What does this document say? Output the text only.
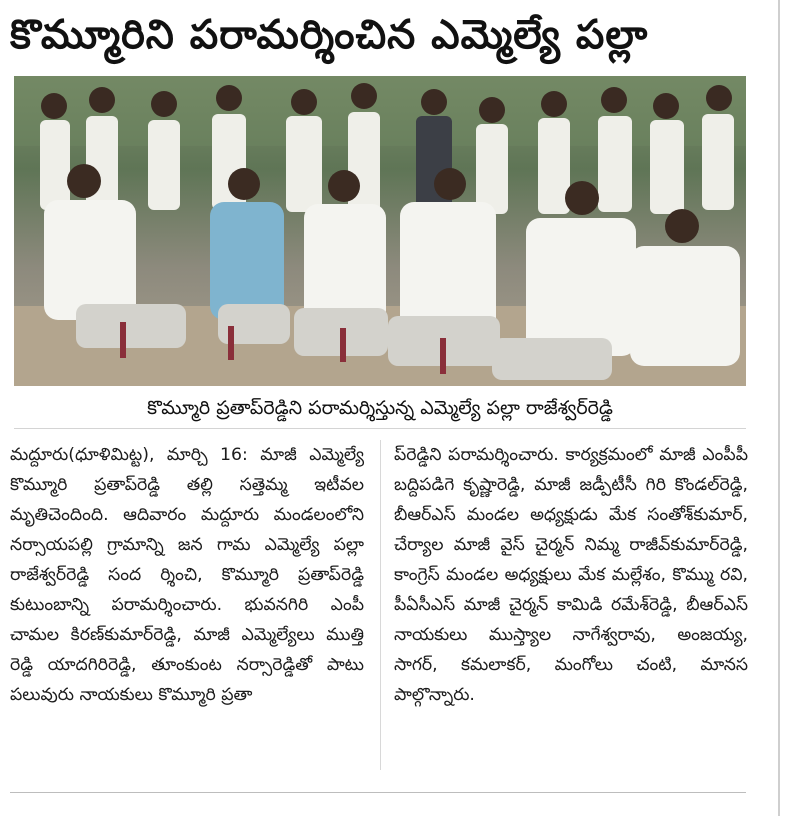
కొమ్మూరిని పరామర్శించిన ఎమ్మెల్యే పల్లా
కొమ్మూరి ప్రతాప్‌రెడ్డిని పరామర్శిస్తున్న ఎమ్మెల్యే పల్లా రాజేశ్వర్‌రెడ్డి
మద్దూరు(ధూళిమిట్ట), మార్చి 16: మాజీ ఎమ్మెల్యే కొమ్మూరి ప్రతాప్‌రెడ్డి తల్లి సత్తెమ్మ ఇటీవల మృతిచెందింది. ఆదివారం మద్దూరు మండలంలోని నర్సాయపల్లి గ్రామాన్ని జన గామ ఎమ్మెల్యే పల్లా రాజేశ్వర్‌రెడ్డి సంద ర్శించి, కొమ్మూరి ప్రతాప్‌రెడ్డి కుటుంబాన్ని పరామర్శించారు. భువనగిరి ఎంపీ చామల కిరణ్‌కుమార్‌రెడ్డి, మాజీ ఎమ్మెల్యేలు ముత్తి రెడ్డి యాదగిరిరెడ్డి, తూంకుంట నర్సారెడ్డితో పాటు పలువురు నాయకులు కొమ్మూరి ప్రతా
ప్‌రెడ్డిని పరామర్శించారు. కార్యక్రమంలో మాజీ ఎంపీపీ బద్దిపడిగె కృష్ణారెడ్డి, మాజీ జడ్పీటీసీ గిరి కొండల్‌రెడ్డి, బీఆర్‌ఎస్ మండల అధ్యక్షుడు మేక సంతోశ్‌కుమార్, చేర్యాల మాజీ వైస్ చైర్మన్ నిమ్మ రాజీవ్‌కుమార్‌రెడ్డి, కాంగ్రెస్ మండల అధ్యక్షులు మేక మల్లేశం, కొమ్ము రవి, పీఏసీఎస్ మాజీ చైర్మన్ కామిడి రమేశ్‌రెడ్డి, బీఆర్‌ఎస్ నాయకులు ముస్త్యాల నాగేశ్వరావు, అంజయ్య, సాగర్, కమలాకర్, మంగోలు చంటి, మానస పాల్గొన్నారు.
